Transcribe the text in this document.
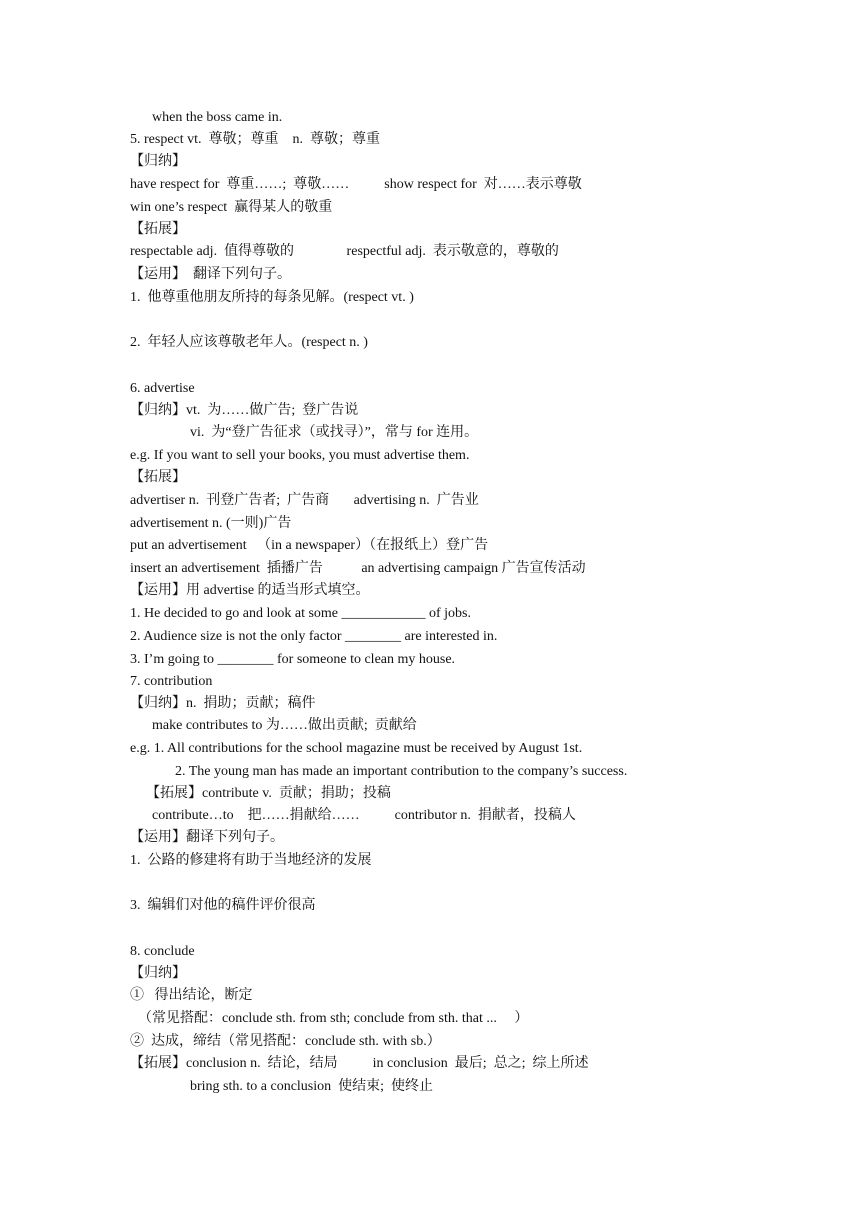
when the boss came in.
5. respect vt.  尊敬；尊重    n.  尊敬；尊重
【归纳】
have respect for  尊重……;  尊敬……          show respect for  对……表示尊敬
win one’s respect  赢得某人的敬重
【拓展】
respectable adj.  值得尊敬的               respectful adj.  表示敬意的，尊敬的
【运用】  翻译下列句子。
1.  他尊重他朋友所持的每条见解。(respect vt. )
2.  年轻人应该尊敬老年人。(respect n. )
6. advertise
【归纳】vt.  为……做广告;  登广告说
vi.  为“登广告征求（或找寻）”，常与 for 连用。
e.g. If you want to sell your books, you must advertise them.
【拓展】
advertiser n.  刊登广告者;  广告商       advertising n.  广告业
advertisement n. (一则)广告
put an advertisement   （in a newspaper）（在报纸上）登广告
insert an advertisement  插播广告           an advertising campaign 广告宣传活动
【运用】用 advertise 的适当形式填空。
1. He decided to go and look at some ____________ of jobs.
2. Audience size is not the only factor ________ are interested in.
3. I’m going to ________ for someone to clean my house.
7. contribution
【归纳】n.  捐助；贡献；稿件
make contributes to 为……做出贡献;  贡献给
e.g. 1. All contributions for the school magazine must be received by August 1st.
2. The young man has made an important contribution to the company’s success.
【拓展】contribute v.  贡献；捐助；投稿
contribute…to    把……捐献给……          contributor n.  捐献者，投稿人
【运用】翻译下列句子。
1.  公路的修建将有助于当地经济的发展
3.  编辑们对他的稿件评价很高
8. conclude
【归纳】
①   得出结论，断定
（常见搭配：conclude sth. from sth; conclude from sth. that ...     ）
②  达成，缔结（常见搭配：conclude sth. with sb.）
【拓展】conclusion n.  结论，结局          in conclusion  最后;  总之;  综上所述
bring sth. to a conclusion  使结束;  使终止
